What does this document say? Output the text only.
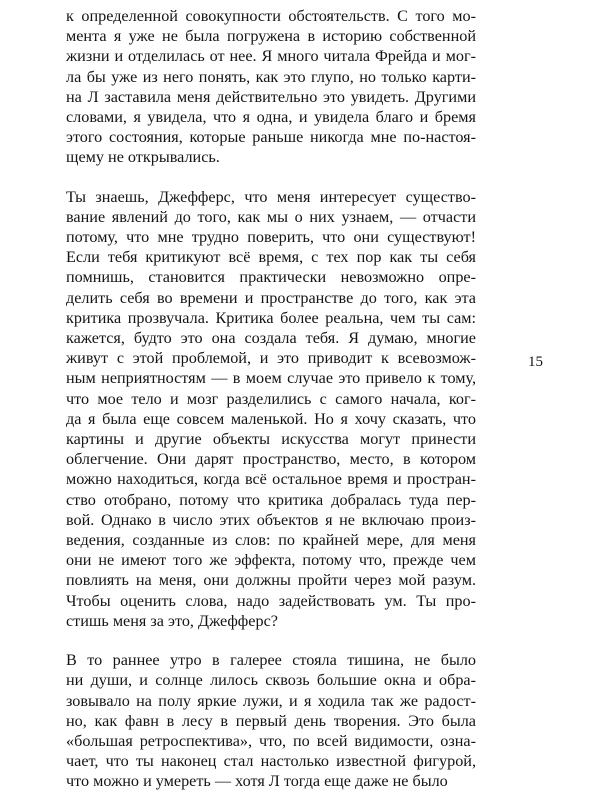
к определенной совокупности обстоятельств. С того мо-
мента я уже не была погружена в историю собственной
жизни и отделилась от нее. Я много читала Фрейда и мог-
ла бы уже из него понять, как это глупо, но только карти-
на Л заставила меня действительно это увидеть. Другими
словами, я увидела, что я одна, и увидела благо и бремя
этого состояния, которые раньше никогда мне по-настоя-
щему не открывались.
Ты знаешь, Джефферс, что меня интересует существо-
вание явлений до того, как мы о них узнаем, — отчасти
потому, что мне трудно поверить, что они существуют!
Если тебя критикуют всё время, с тех пор как ты себя
помнишь, становится практически невозможно опре-
делить себя во времени и пространстве до того, как эта
критика прозвучала. Критика более реальна, чем ты сам:
кажется, будто это она создала тебя. Я думаю, многие
живут с этой проблемой, и это приводит к всевозмож-
ным неприятностям — в моем случае это привело к тому,
что мое тело и мозг разделились с самого начала, ког-
да я была еще совсем маленькой. Но я хочу сказать, что
картины и другие объекты искусства могут принести
облегчение. Они дарят пространство, место, в котором
можно находиться, когда всё остальное время и простран-
ство отобрано, потому что критика добралась туда пер-
вой. Однако в число этих объектов я не включаю произ-
ведения, созданные из слов: по крайней мере, для меня
они не имеют того же эффекта, потому что, прежде чем
повлиять на меня, они должны пройти через мой разум.
Чтобы оценить слова, надо задействовать ум. Ты про-
стишь меня за это, Джефферс?
В то раннее утро в галерее стояла тишина, не было
ни души, и солнце лилось сквозь большие окна и обра-
зовывало на полу яркие лужи, и я ходила так же радост-
но, как фавн в лесу в первый день творения. Это была
«большая ретроспектива», что, по всей видимости, озна-
чает, что ты наконец стал настолько известной фигурой,
что можно и умереть — хотя Л тогда еще даже не было
15
